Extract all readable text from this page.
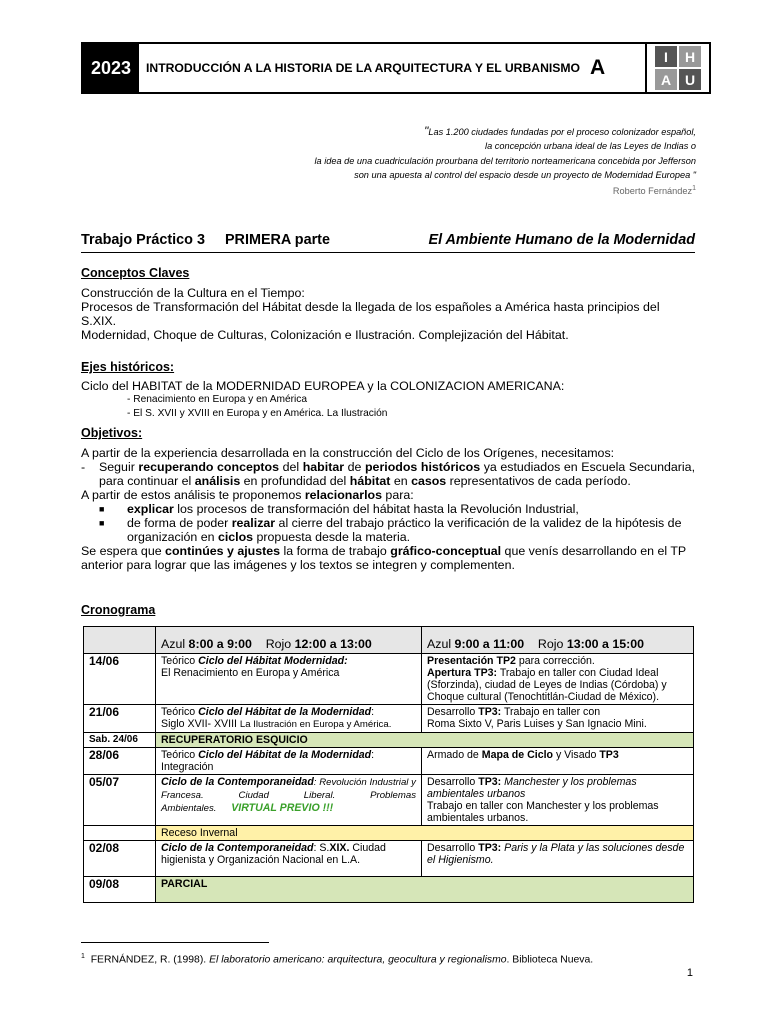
2023	INTRODUCCIÓN A LA HISTORIA DE LA ARQUITECTURA Y EL URBANISMO A	I	H
A U
"Las 1.200 ciudades fundadas por el proceso colonizador español,
la concepción urbana ideal de las Leyes de Indias o
la idea de una cuadriculación prourbana del territorio norteamericana concebida por Jefferson
son una apuesta al control del espacio desde un proyecto de Modernidad Europea "
Roberto Fernández$^1$
Trabajo Práctico 3     PRIMERA parte	El Ambiente Humano de la Modernidad
Conceptos Claves
Construcción de la Cultura en el Tiempo:
Procesos de Transformación del Hábitat desde la llegada de los españoles a América hasta principios del S.XIX.
Modernidad, Choque de Culturas, Colonización e Ilustración. Complejización del Hábitat.
Ejes históricos:
Ciclo del HABITAT de la MODERNIDAD EUROPEA y la COLONIZACION AMERICANA:
- Renacimiento en Europa y en América
- El S. XVII y XVIII en Europa y en América. La Ilustración
Objetivos:
A partir de la experiencia desarrollada en la construcción del Ciclo de los Orígenes, necesitamos:
-	Seguir recuperando conceptos del habitar de periodos históricos ya estudiados en Escuela Secundaria, para continuar el análisis en profundidad del hábitat en casos representativos de cada período.
A partir de estos análisis te proponemos relacionarlos para:
■	explicar los procesos de transformación del hábitat hasta la Revolución Industrial,
■	de forma de poder realizar al cierre del trabajo práctico la verificación de la validez de la hipótesis de organización en ciclos propuesta desde la materia.
Se espera que continúes y ajustes la forma de trabajo gráfico-conceptual que venís desarrollando en el TP anterior para lograr que las imágenes y los textos se integren y complementen.
Cronograma
	Azul 8:00 a 9:00 Rojo 12:00 a 13:00	Azul 9:00 a 11:00 Rojo 13:00 a 15:00
14/06	Teórico Ciclo del Hábitat Modernidad:
El Renacimiento en Europa y América	Presentación TP2 para corrección.
Apertura TP3: Trabajo en taller con Ciudad Ideal (Sforzinda), ciudad de Leyes de Indias (Córdoba) y Choque cultural (Tenochtitlán-Ciudad de México).
21/06	Teórico Ciclo del Hábitat de la Modernidad:
Siglo XVII- XVIII La Ilustración en Europa y América.	Desarrollo TP3: Trabajo en taller con
Roma Sixto V, Paris Luises y San Ignacio Mini.
Sab. 24/06	RECUPERATORIO ESQUICIO	
28/06	Teórico Ciclo del Hábitat de la Modernidad:
Integración	Armado de Mapa de Ciclo y Visado TP3
05/07	Ciclo de la Contemporaneidad: Revolución Industrial y Francesa. Ciudad Liberal. Problemas Ambientales. VIRTUAL PREVIO !!!	Desarrollo TP3: Manchester y los problemas ambientales urbanos
Trabajo en taller con Manchester y los problemas ambientales urbanos.
	Receso Invernal	
02/08	Ciclo de la Contemporaneidad: S.XIX. Ciudad higienista y Organización Nacional en L.A.	Desarrollo TP3: Paris y la Plata y las soluciones desde el Higienismo.
09/08	PARCIAL	
$^1$ FERNÁNDEZ, R. (1998). El laboratorio americano: arquitectura, geocultura y regionalismo. Biblioteca Nueva.
1
